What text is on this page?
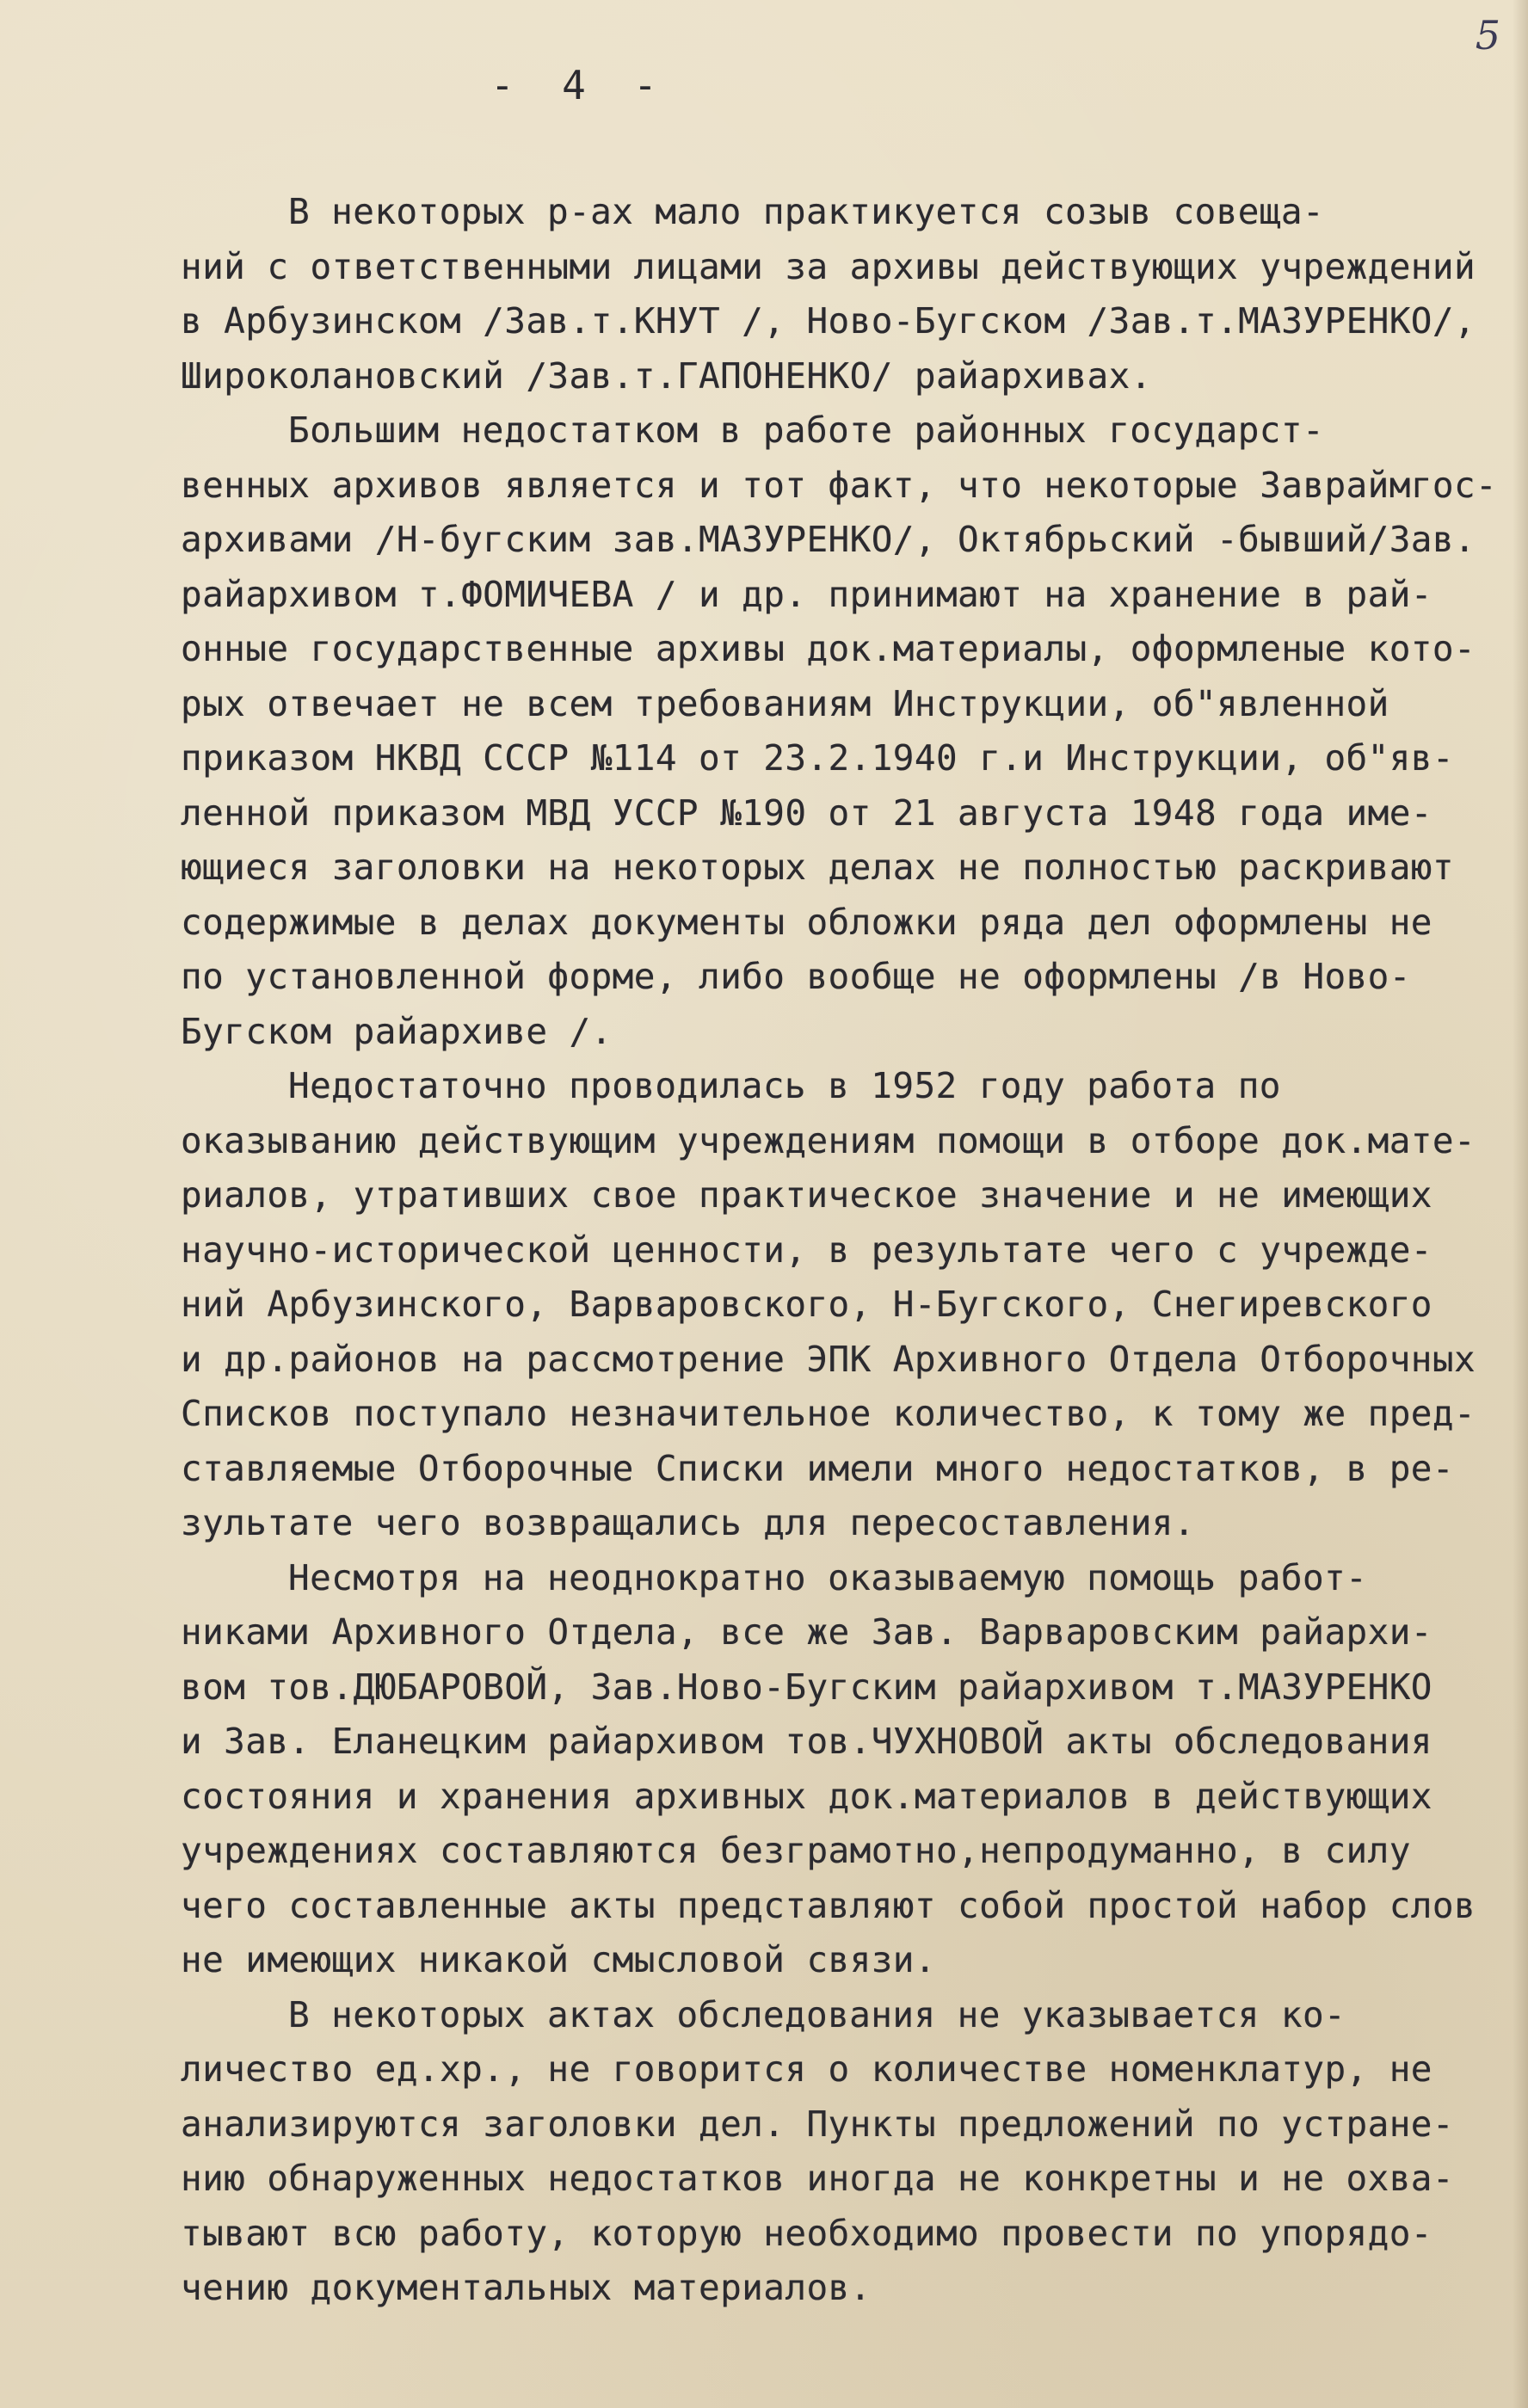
5
-  4  -
В некоторых р-ах мало практикуется созыв совеща-
ний с ответственными лицами за архивы действующих учреждений
в Арбузинском /Зав.т.КНУТ /, Ново-Бугском /Зав.т.МАЗУРЕНКО/,
Широколановский /Зав.т.ГАПОНЕНКО/ райархивах.
Большим недостатком в работе районных государст-
венных архивов является и тот факт, что некоторые Завраймгос-
архивами /Н-бугским зав.МАЗУРЕНКО/, Октябрьский -бывший/Зав.
райархивом т.ФОМИЧЕВА / и др. принимают на хранение в рай-
онные государственные архивы док.материалы, оформленые кото-
рых отвечает не всем требованиям Инструкции, об"явленной
приказом НКВД СССР №114 от 23.2.1940 г.и Инструкции, об"яв-
ленной приказом МВД УССР №190 от 21 августа 1948 года име-
ющиеся заголовки на некоторых делах не полностью раскривают
содержимые в делах документы обложки ряда дел оформлены не
по установленной форме, либо вообще не оформлены /в Ново-
Бугском райархиве /.
Недостаточно проводилась в 1952 году работа по
оказыванию действующим учреждениям помощи в отборе док.мате-
риалов, утративших свое практическое значение и не имеющих
научно-исторической ценности, в результате чего с учрежде-
ний Арбузинского, Варваровского, Н-Бугского, Снегиревского
и др.районов на рассмотрение ЭПК Архивного Отдела Отборочных
Списков поступало незначительное количество, к тому же пред-
ставляемые Отборочные Списки имели много недостатков, в ре-
зультате чего возвращались для пересоставления.
Несмотря на неоднократно оказываемую помощь работ-
никами Архивного Отдела, все же Зав. Варваровским райархи-
вом тов.ДЮБАРОВОЙ, Зав.Ново-Бугским райархивом т.МАЗУРЕНКО
и Зав. Еланецким райархивом тов.ЧУХНОВОЙ акты обследования
состояния и хранения архивных док.материалов в действующих
учреждениях составляются безграмотно,непродуманно, в силу
чего составленные акты представляют собой простой набор слов
не имеющих никакой смысловой связи.
В некоторых актах обследования не указывается ко-
личество ед.хр., не говорится о количестве номенклатур, не
анализируются заголовки дел. Пункты предложений по устране-
нию обнаруженных недостатков иногда не конкретны и не охва-
тывают всю работу, которую необходимо провести по упорядо-
чению документальных материалов.
